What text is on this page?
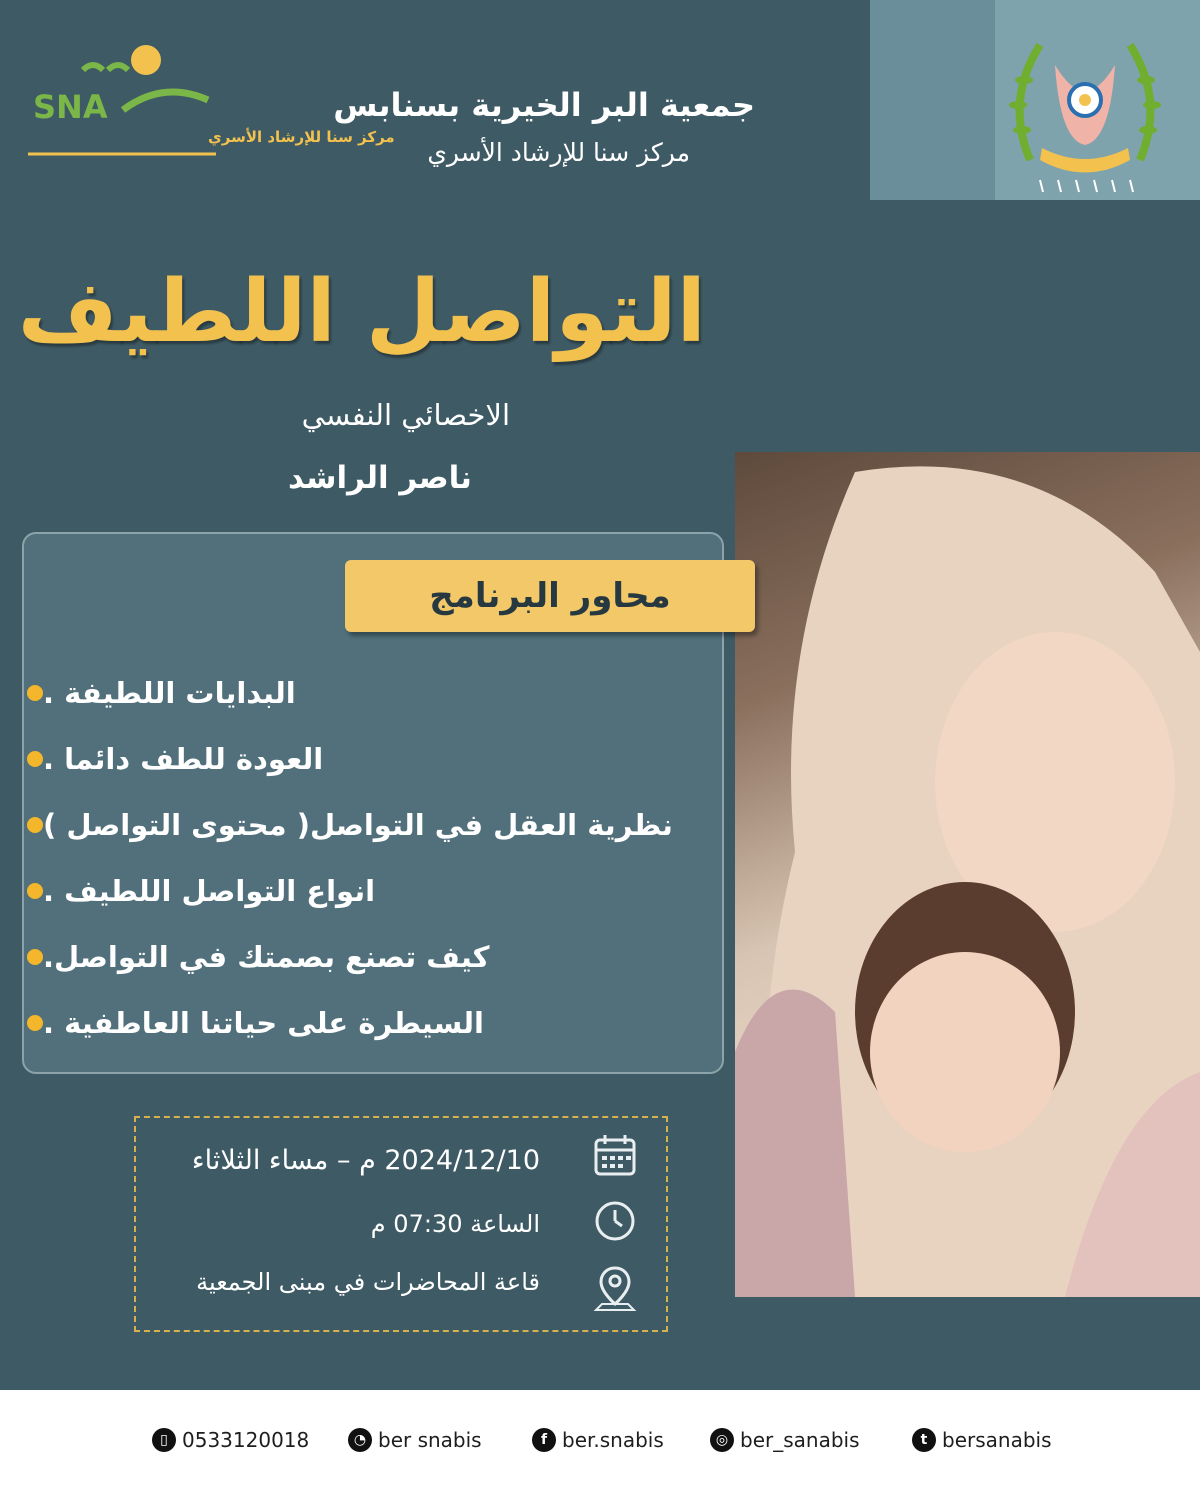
SNA
مركز سنا للإرشاد الأسري
جمعية البر الخيرية بسنابس
مركز سنا للإرشاد الأسري
التواصل اللطيف
الاخصائي النفسي
ناصر الراشد
محاور البرنامج
البدايات اللطيفة .
العودة للطف دائما .
نظرية العقل في التواصل( محتوى التواصل )
انواع التواصل اللطيف .
كيف تصنع بصمتك في التواصل.
السيطرة على حياتنا العاطفية .
2024/12/10 م – مساء الثلاثاء
الساعة 07:30 م
قاعة المحاضرات في مبنى الجمعية
▯ 0533120018	◔ ber snabis	f ber.snabis	◎ ber_sanabis	t bersanabis
